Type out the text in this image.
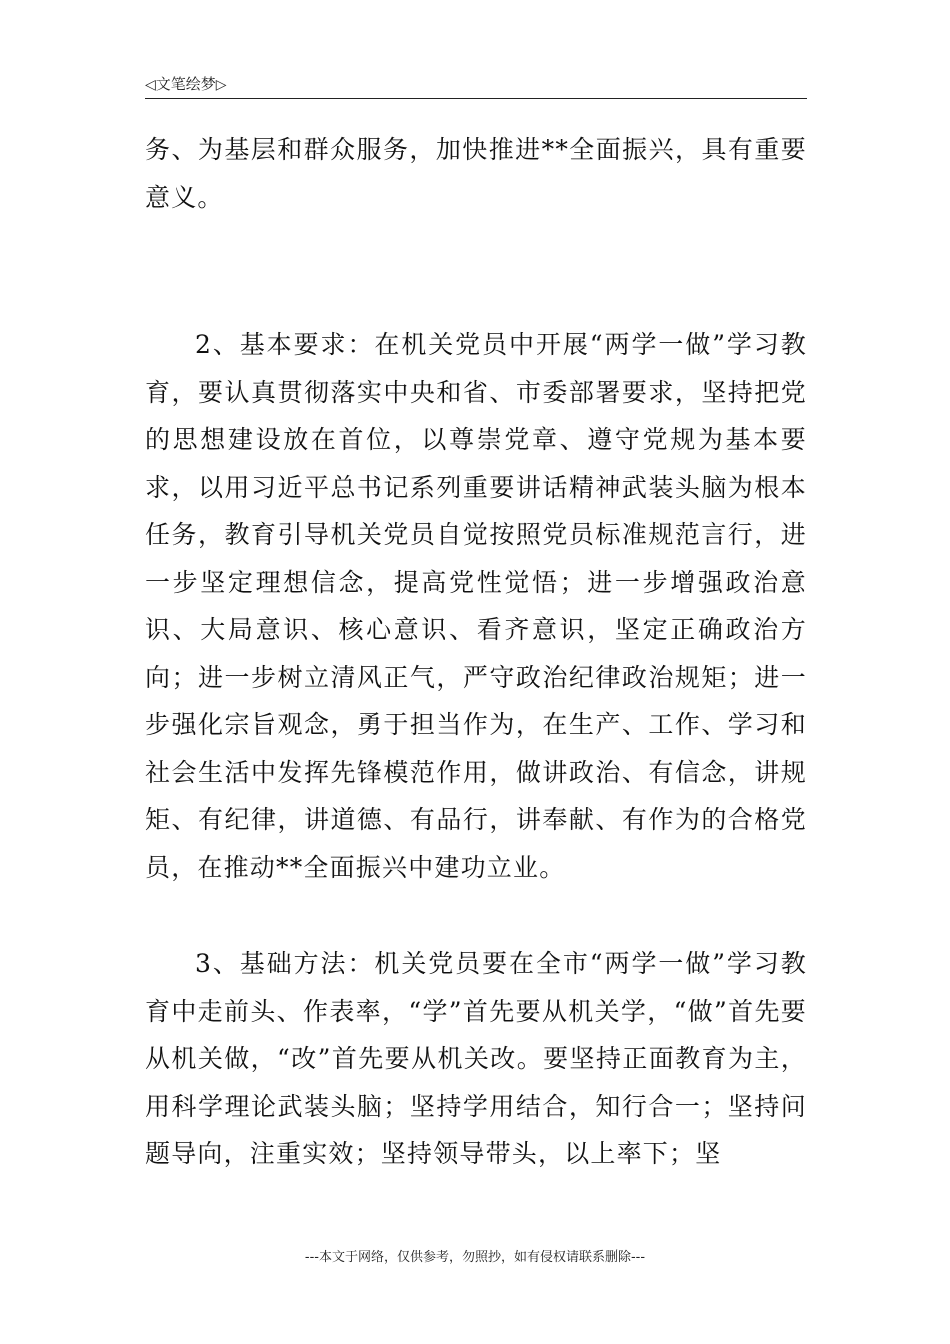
◁文笔绘梦▷

务、为基层和群众服务，加快推进**全面振兴，具有重要意义。

2、基本要求：在机关党员中开展“两学一做”学习教育，要认真贯彻落实中央和省、市委部署要求，坚持把党的思想建设放在首位，以尊崇党章、遵守党规为基本要求，以用习近平总书记系列重要讲话精神武装头脑为根本任务，教育引导机关党员自觉按照党员标准规范言行，进一步坚定理想信念，提高党性觉悟；进一步增强政治意识、大局意识、核心意识、看齐意识，坚定正确政治方向；进一步树立清风正气，严守政治纪律政治规矩；进一步强化宗旨观念，勇于担当作为，在生产、工作、学习和社会生活中发挥先锋模范作用，做讲政治、有信念，讲规矩、有纪律，讲道德、有品行，讲奉献、有作为的合格党员，在推动**全面振兴中建功立业。

3、基础方法：机关党员要在全市“两学一做”学习教育中走前头、作表率，“学”首先要从机关学，“做”首先要从机关做，“改”首先要从机关改。要坚持正面教育为主，用科学理论武装头脑；坚持学用结合，知行合一；坚持问题导向，注重实效；坚持领导带头，以上率下；坚

---本文于网络，仅供参考，勿照抄，如有侵权请联系删除---
